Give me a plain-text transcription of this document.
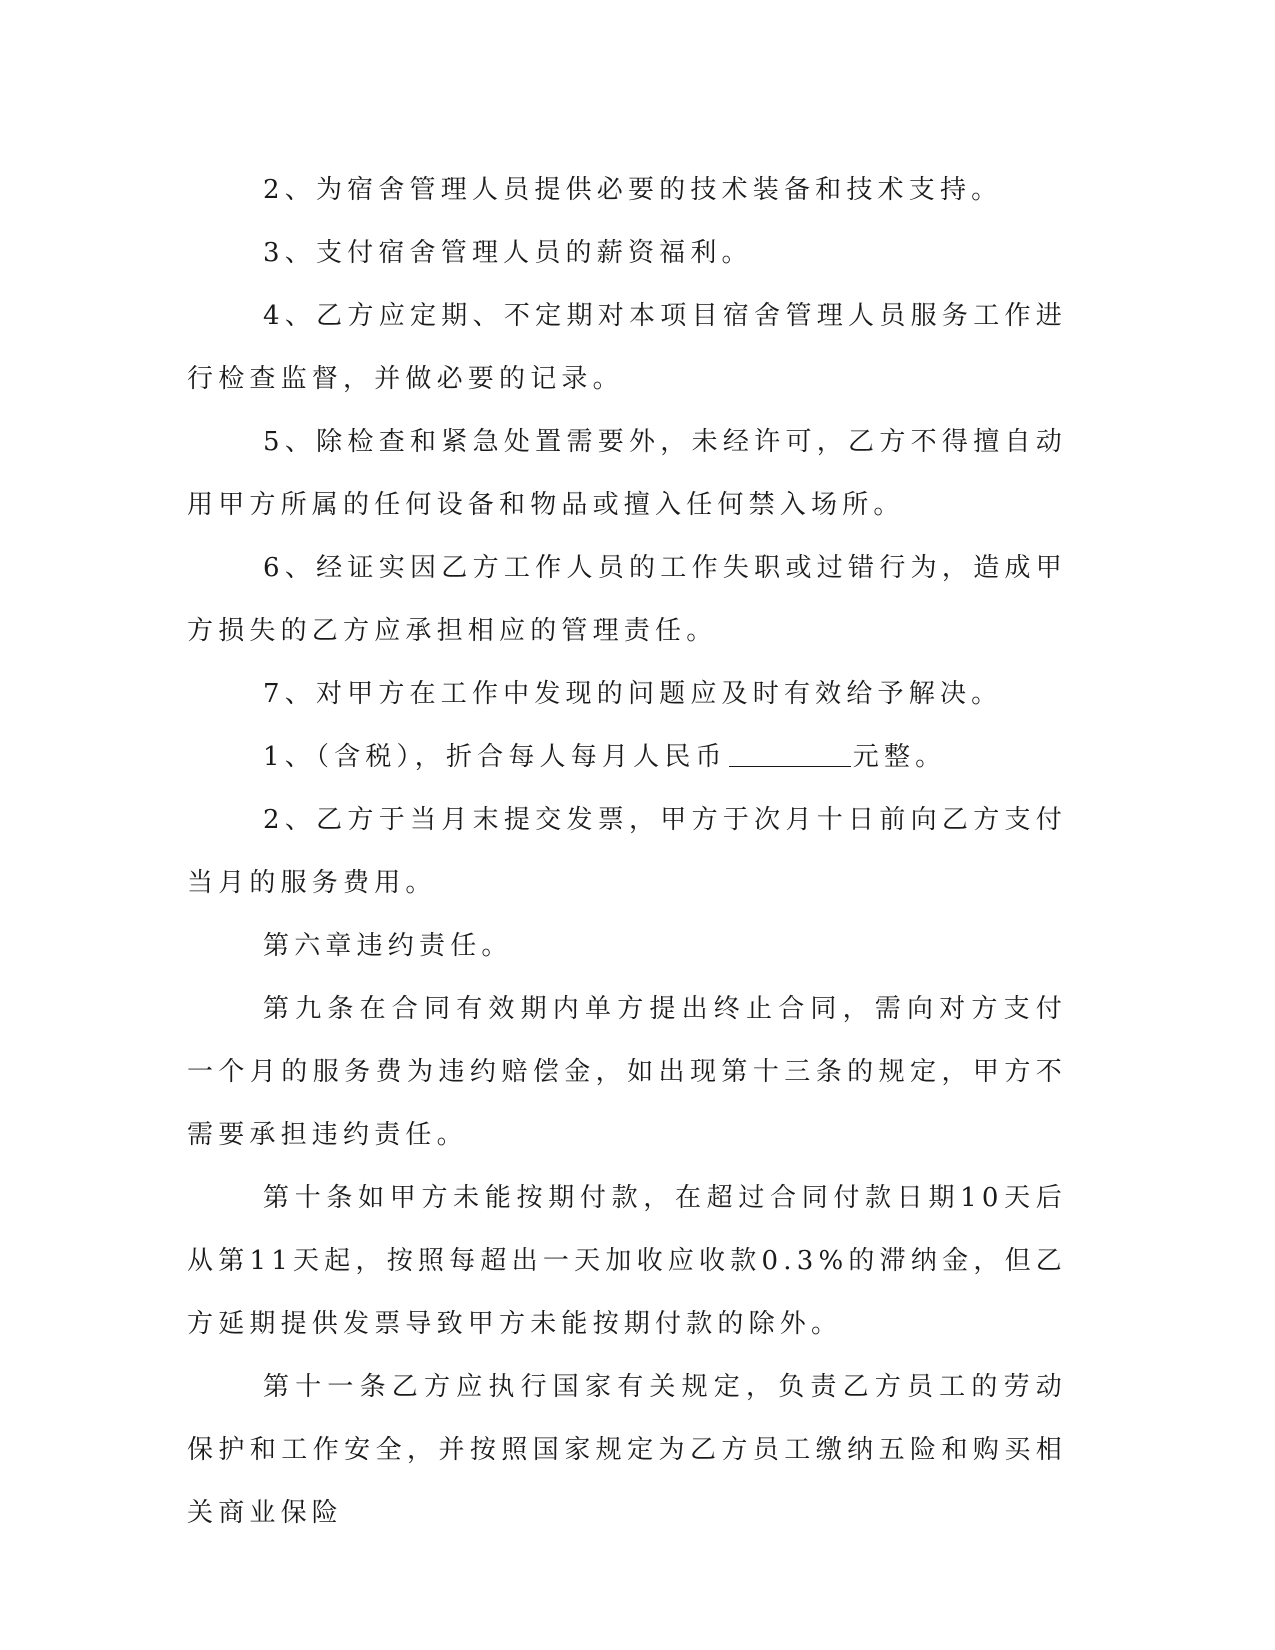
2、为宿舍管理人员提供必要的技术装备和技术支持。

3、支付宿舍管理人员的薪资福利。

4、乙方应定期、不定期对本项目宿舍管理人员服务工作进行检查监督，并做必要的记录。

5、除检查和紧急处置需要外，未经许可，乙方不得擅自动用甲方所属的任何设备和物品或擅入任何禁入场所。

6、经证实因乙方工作人员的工作失职或过错行为，造成甲方损失的乙方应承担相应的管理责任。

7、对甲方在工作中发现的问题应及时有效给予解决。

1、（含税），折合每人每月人民币	元整。

2、乙方于当月末提交发票，甲方于次月十日前向乙方支付当月的服务费用。

第六章违约责任。

第九条在合同有效期内单方提出终止合同，需向对方支付一个月的服务费为违约赔偿金，如出现第十三条的规定，甲方不需要承担违约责任。

第十条如甲方未能按期付款，在超过合同付款日期10天后从第11天起，按照每超出一天加收应收款0.3%的滞纳金，但乙方延期提供发票导致甲方未能按期付款的除外。

第十一条乙方应执行国家有关规定，负责乙方员工的劳动保护和工作安全，并按照国家规定为乙方员工缴纳五险和购买相关商业保险
